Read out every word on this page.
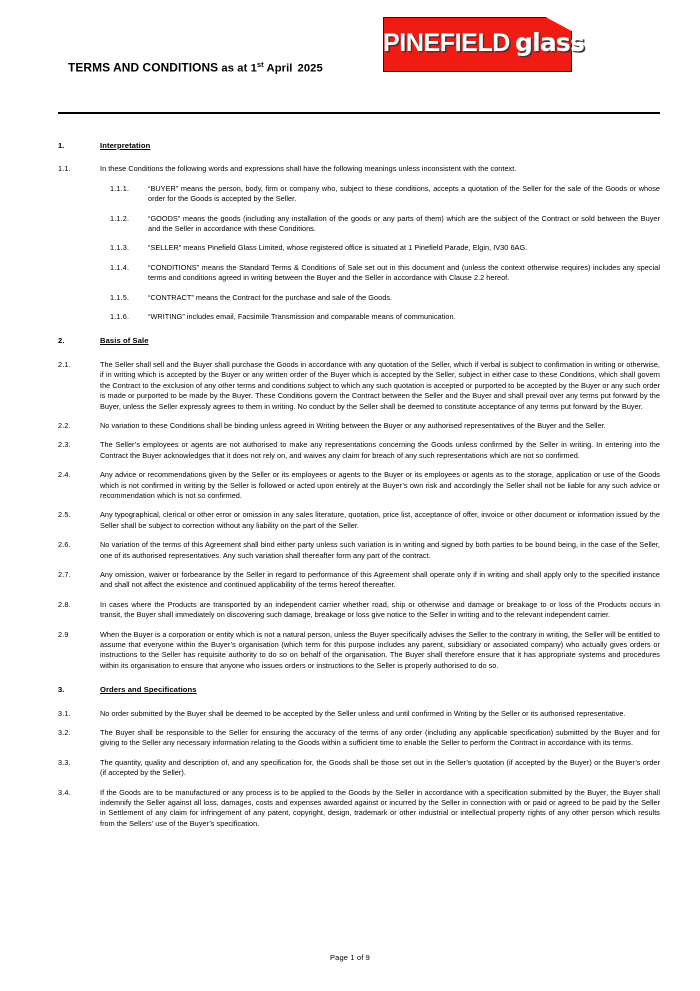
TERMS AND CONDITIONS as at 1st April 2025
PINEFIELD glass
1.	Interpretation
1.1.	In these Conditions the following words and expressions shall have the following meanings unless inconsistent with the context.
1.1.1.	“BUYER” means the person, body, firm or company who, subject to these conditions, accepts a quotation of the Seller for the sale of the Goods or whose order for the Goods is accepted by the Seller.
1.1.2.	“GOODS” means the goods (including any installation of the goods or any parts of them) which are the subject of the Contract or sold between the Buyer and the Seller in accordance with these Conditions.
1.1.3.	“SELLER” means Pinefield Glass Limited, whose registered office is situated at 1 Pinefield Parade, Elgin, IV30 6AG.
1.1.4.	“CONDITIONS” means the Standard Terms & Conditions of Sale set out in this document and (unless the context otherwise requires) includes any special terms and conditions agreed in writing between the Buyer and the Seller in accordance with Clause 2.2 hereof.
1.1.5.	“CONTRACT” means the Contract for the purchase and sale of the Goods.
1.1.6.	“WRITING” includes email, Facsimile Transmission and comparable means of communication.
2.	Basis of Sale
2.1.	The Seller shall sell and the Buyer shall purchase the Goods in accordance with any quotation of the Seller, which if verbal is subject to confirmation in writing or otherwise, if in writing which is accepted by the Buyer or any written order of the Buyer which is accepted by the Seller, subject in either case to these Conditions, which shall govern the Contract to the exclusion of any other terms and conditions subject to which any such quotation is accepted or purported to be accepted by the Buyer or any such order is made or purported to be made by the Buyer. These Conditions govern the Contract between the Seller and the Buyer and shall prevail over any terms put forward by the Buyer, unless the Seller expressly agrees to them in writing. No conduct by the Seller shall be deemed to constitute acceptance of any terms put forward by the Buyer.
2.2.	No variation to these Conditions shall be binding unless agreed in Writing between the Buyer or any authorised representatives of the Buyer and the Seller.
2.3.	The Seller’s employees or agents are not authorised to make any representations concerning the Goods unless confirmed by the Seller in writing. In entering into the Contract the Buyer acknowledges that it does not rely on, and waives any claim for breach of any such representations which are not so confirmed.
2.4.	Any advice or recommendations given by the Seller or its employees or agents to the Buyer or its employees or agents as to the storage, application or use of the Goods which is not confirmed in writing by the Seller is followed or acted upon entirely at the Buyer’s own risk and accordingly the Seller shall not be liable for any such advice or recommendation which is not so confirmed.
2.5.	Any typographical, clerical or other error or omission in any sales literature, quotation, price list, acceptance of offer, invoice or other document or information issued by the Seller shall be subject to correction without any liability on the part of the Seller.
2.6.	No variation of the terms of this Agreement shall bind either party unless such variation is in writing and signed by both parties to be bound being, in the case of the Seller, one of its authorised representatives. Any such variation shall thereafter form any part of the contract.
2.7.	Any omission, waiver or forbearance by the Seller in regard to performance of this Agreement shall operate only if in writing and shall apply only to the specified instance and shall not affect the existence and continued applicability of the terms hereof thereafter.
2.8.	In cases where the Products are transported by an independent carrier whether road, ship or otherwise and damage or breakage to or loss of the Products occurs in transit, the Buyer shall immediately on discovering such damage, breakage or loss give notice to the Seller in writing and to the relevant independent carrier.
2.9	When the Buyer is a corporation or entity which is not a natural person, unless the Buyer specifically advises the Seller to the contrary in writing, the Seller will be entitled to assume that everyone within the Buyer’s organisation (which term for this purpose includes any parent, subsidiary or associated company) who actually gives orders or instructions to the Seller has requisite authority to do so on behalf of the organisation. The Buyer shall therefore ensure that it has appropriate systems and procedures within its organisation to ensure that anyone who issues orders or instructions to the Seller is properly authorised to do so.
3.	Orders and Specifications
3.1.	No order submitted by the Buyer shall be deemed to be accepted by the Seller unless and until confirmed in Writing by the Seller or its authorised representative.
3.2.	The Buyer shall be responsible to the Seller for ensuring the accuracy of the terms of any order (including any applicable specification) submitted by the Buyer and for giving to the Seller any necessary information relating to the Goods within a sufficient time to enable the Seller to perform the Contract in accordance with its terms.
3.3.	The quantity, quality and description of, and any specification for, the Goods shall be those set out in the Seller’s quotation (if accepted by the Buyer) or the Buyer’s order (if accepted by the Seller).
3.4.	If the Goods are to be manufactured or any process is to be applied to the Goods by the Seller in accordance with a specification submitted by the Buyer, the Buyer shall indemnify the Seller against all loss, damages, costs and expenses awarded against or incurred by the Seller in connection with or paid or agreed to be paid by the Seller in Settlement of any claim for infringement of any patent, copyright, design, trademark or other industrial or intellectual property rights of any other person which results from the Sellers’ use of the Buyer’s specification.
Page 1 of 9
